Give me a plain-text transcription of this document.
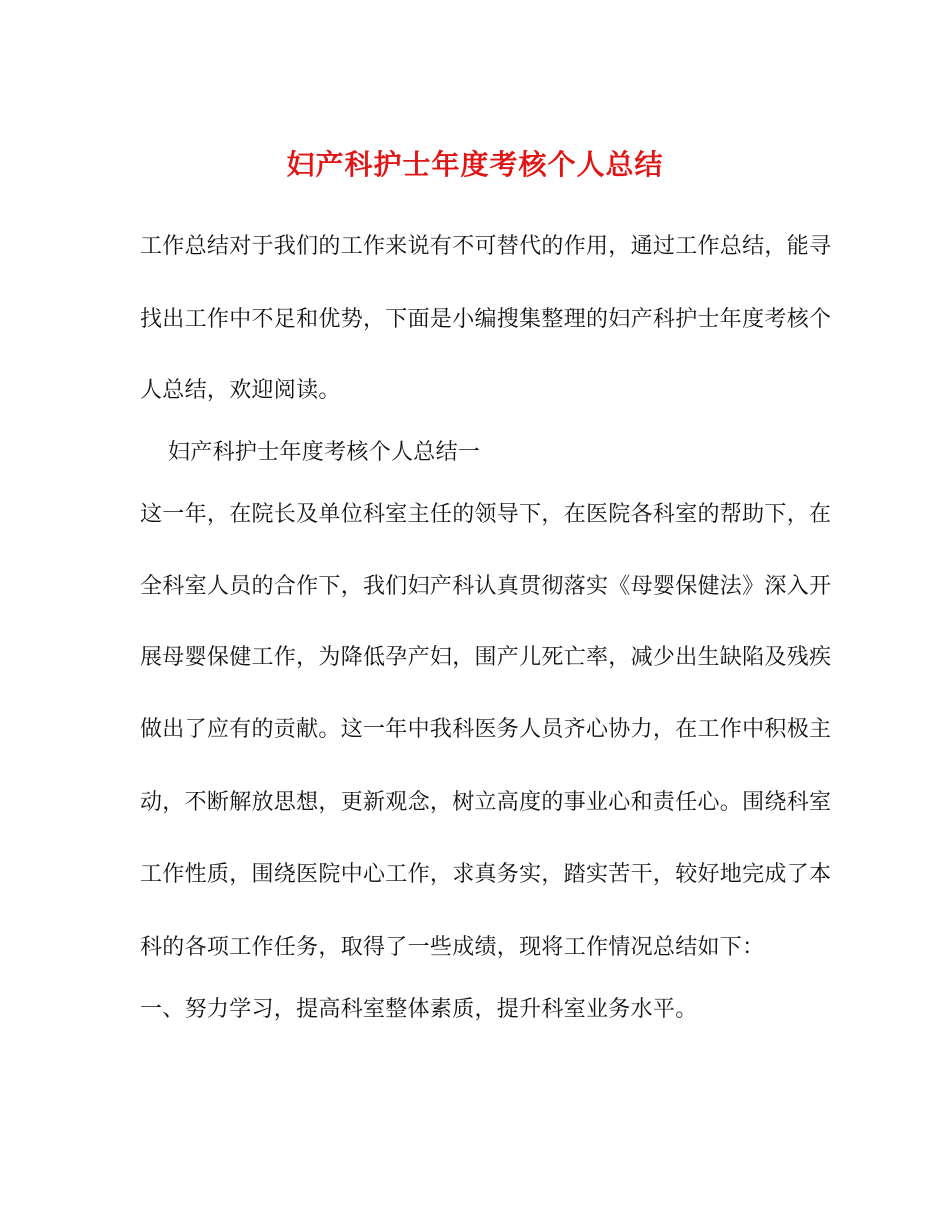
妇产科护士年度考核个人总结
工作总结对于我们的工作来说有不可替代的作用，通过工作总结，能寻
找出工作中不足和优势，下面是小编搜集整理的妇产科护士年度考核个
人总结，欢迎阅读。
妇产科护士年度考核个人总结一
这一年，在院长及单位科室主任的领导下，在医院各科室的帮助下，在
全科室人员的合作下，我们妇产科认真贯彻落实《母婴保健法》深入开
展母婴保健工作，为降低孕产妇，围产儿死亡率，减少出生缺陷及残疾
做出了应有的贡献。这一年中我科医务人员齐心协力，在工作中积极主
动，不断解放思想，更新观念，树立高度的事业心和责任心。围绕科室
工作性质，围绕医院中心工作，求真务实，踏实苦干，较好地完成了本
科的各项工作任务，取得了一些成绩，现将工作情况总结如下：
一、努力学习，提高科室整体素质，提升科室业务水平。
